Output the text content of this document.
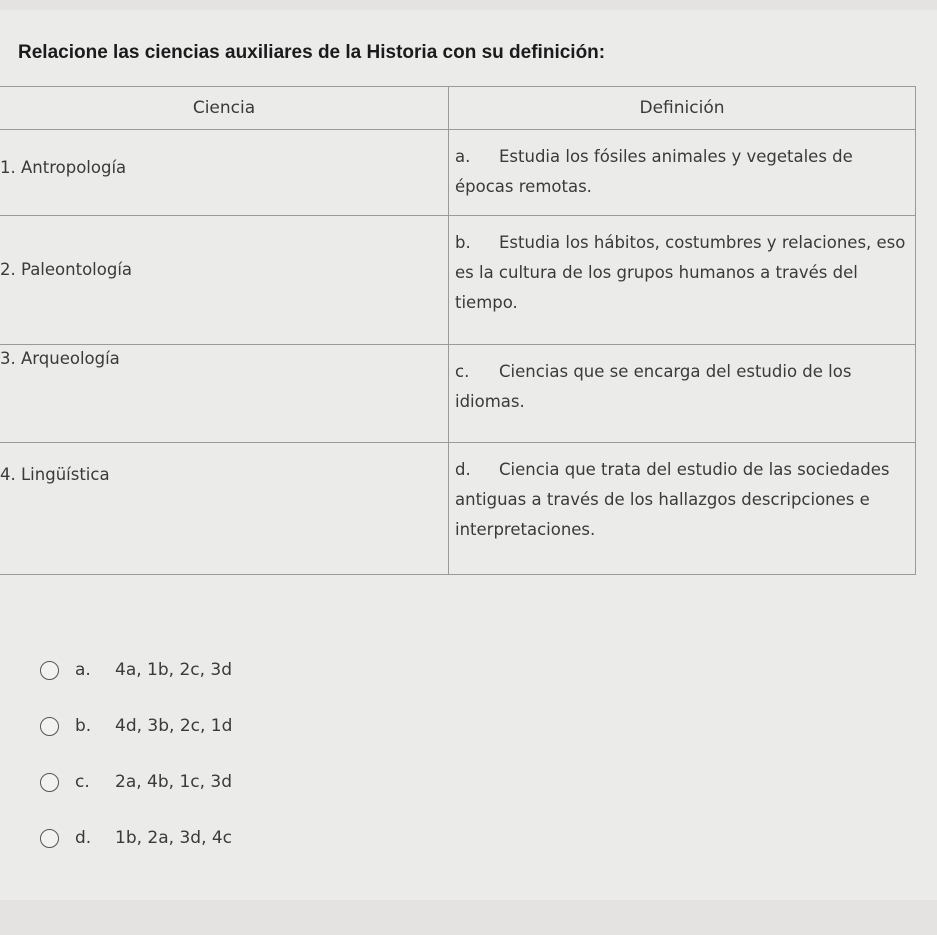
Relacione las ciencias auxiliares de la Historia con su definición:
Ciencia	Definición

1. Antropología	a. Estudia los fósiles animales y vegetales de épocas remotas.

2. Paleontología	b. Estudia los hábitos, costumbres y relaciones, eso es la cultura de los grupos humanos a través del tiempo.

3. Arqueología	c. Ciencias que se encarga del estudio de los idiomas.

4. Lingüística	d. Ciencia que trata del estudio de las sociedades antiguas a través de los hallazgos descripciones e interpretaciones.
a.	4a, 1b, 2c, 3d
b.	4d, 3b, 2c, 1d
c.	2a, 4b, 1c, 3d
d.	1b, 2a, 3d, 4c
